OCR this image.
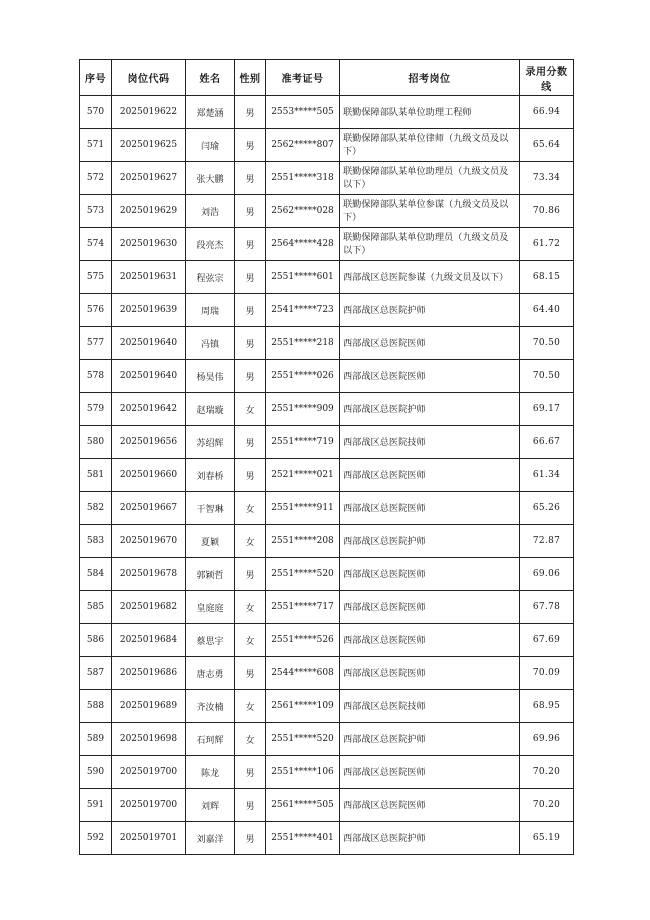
序号	岗位代码	姓名	性别	准考证号	招考岗位	录用分数线
570	2025019622	郑楚涵	男	2553*****505	联勤保障部队某单位助理工程师	66.94
571	2025019625	闫瑜	男	2562*****807	联勤保障部队某单位律师（九级文员及以下）	65.64
572	2025019627	张大鹏	男	2551*****318	联勤保障部队某单位助理员（九级文员及以下）	73.34
573	2025019629	刘浩	男	2562*****028	联勤保障部队某单位参谋（九级文员及以下）	70.86
574	2025019630	段亮杰	男	2564*****428	联勤保障部队某单位助理员（九级文员及以下）	61.72
575	2025019631	程弦宗	男	2551*****601	西部战区总医院参谋（九级文员及以下）	68.15
576	2025019639	周瑞	男	2541*****723	西部战区总医院护师	64.40
577	2025019640	冯镇	男	2551*****218	西部战区总医院医师	70.50
578	2025019640	杨昊伟	男	2551*****026	西部战区总医院医师	70.50
579	2025019642	赵瑞璇	女	2551*****909	西部战区总医院护师	69.17
580	2025019656	苏绍辉	男	2551*****719	西部战区总医院技师	66.67
581	2025019660	刘春桥	男	2521*****021	西部战区总医院医师	61.34
582	2025019667	干智琳	女	2551*****911	西部战区总医院医师	65.26
583	2025019670	夏颖	女	2551*****208	西部战区总医院护师	72.87
584	2025019678	郭颖哲	男	2551*****520	西部战区总医院医师	69.06
585	2025019682	皇庭庭	女	2551*****717	西部战区总医院医师	67.78
586	2025019684	蔡思宇	女	2551*****526	西部战区总医院医师	67.69
587	2025019686	唐志勇	男	2544*****608	西部战区总医院医师	70.09
588	2025019689	齐汝楠	女	2561*****109	西部战区总医院技师	68.95
589	2025019698	石珂辉	女	2551*****520	西部战区总医院护师	69.96
590	2025019700	陈龙	男	2551*****106	西部战区总医院医师	70.20
591	2025019700	刘辉	男	2561*****505	西部战区总医院医师	70.20
592	2025019701	刘嘉洋	男	2551*****401	西部战区总医院护师	65.19
